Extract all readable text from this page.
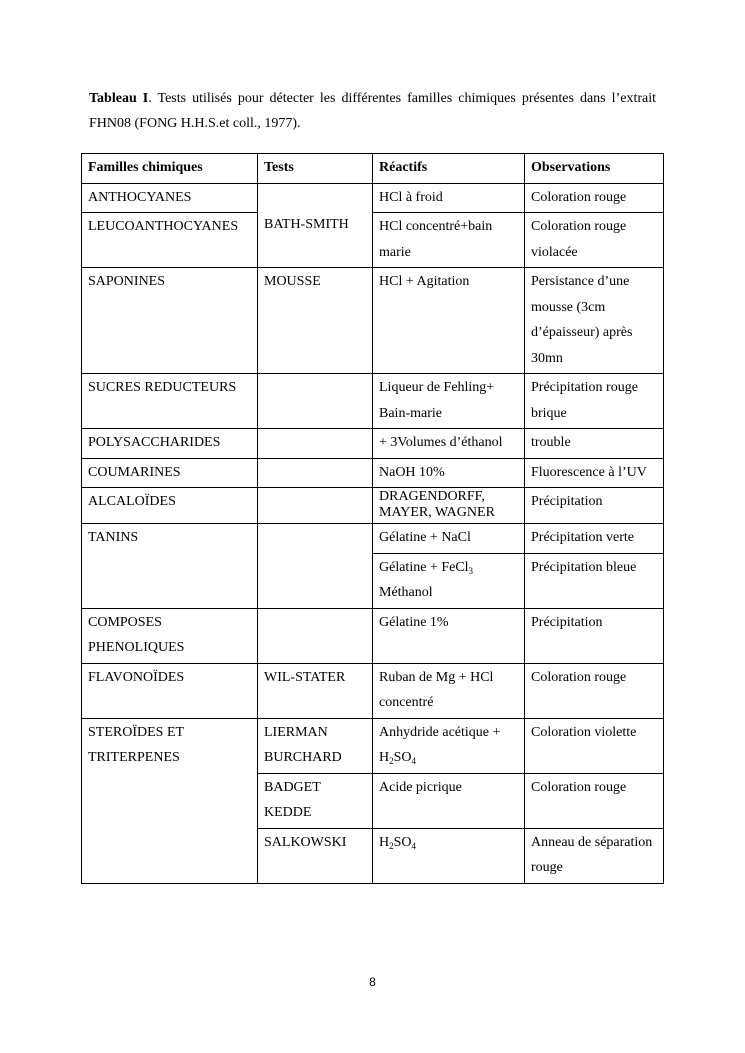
Tableau I. Tests utilisés pour détecter les différentes familles chimiques présentes dans l’extrait FHN08 (FONG H.H.S.et coll., 1977).
Familles chimiques	Tests	Réactifs	Observations
ANTHOCYANES	BATH-SMITH	HCl à froid	Coloration rouge
LEUCOANTHOCYANES		HCl concentré+bain marie	Coloration rouge violacée
SAPONINES	MOUSSE	HCl + Agitation	Persistance d’une mousse (3cm d’épaisseur) après 30mn
SUCRES REDUCTEURS		Liqueur de Fehling+ Bain-marie	Précipitation rouge brique
POLYSACCHARIDES		+ 3Volumes d’éthanol	trouble
COUMARINES		NaOH 10%	Fluorescence à l’UV
ALCALOÏDES		DRAGENDORFF, MAYER, WAGNER	Précipitation
TANINS		Gélatine + NaCl	Précipitation verte
		Gélatine + FeCl$_3$ Méthanol	Précipitation bleue
COMPOSES PHENOLIQUES		Gélatine 1%	Précipitation
FLAVONOÏDES	WIL-STATER	Ruban de Mg + HCl concentré	Coloration rouge
STEROÏDES ET TRITERPENES	LIERMAN BURCHARD	Anhydride acétique + $H_2SO_4$	Coloration violette
	BADGET KEDDE	Acide picrique	Coloration rouge
	SALKOWSKI	$H_2SO_4$	Anneau de séparation rouge
8
